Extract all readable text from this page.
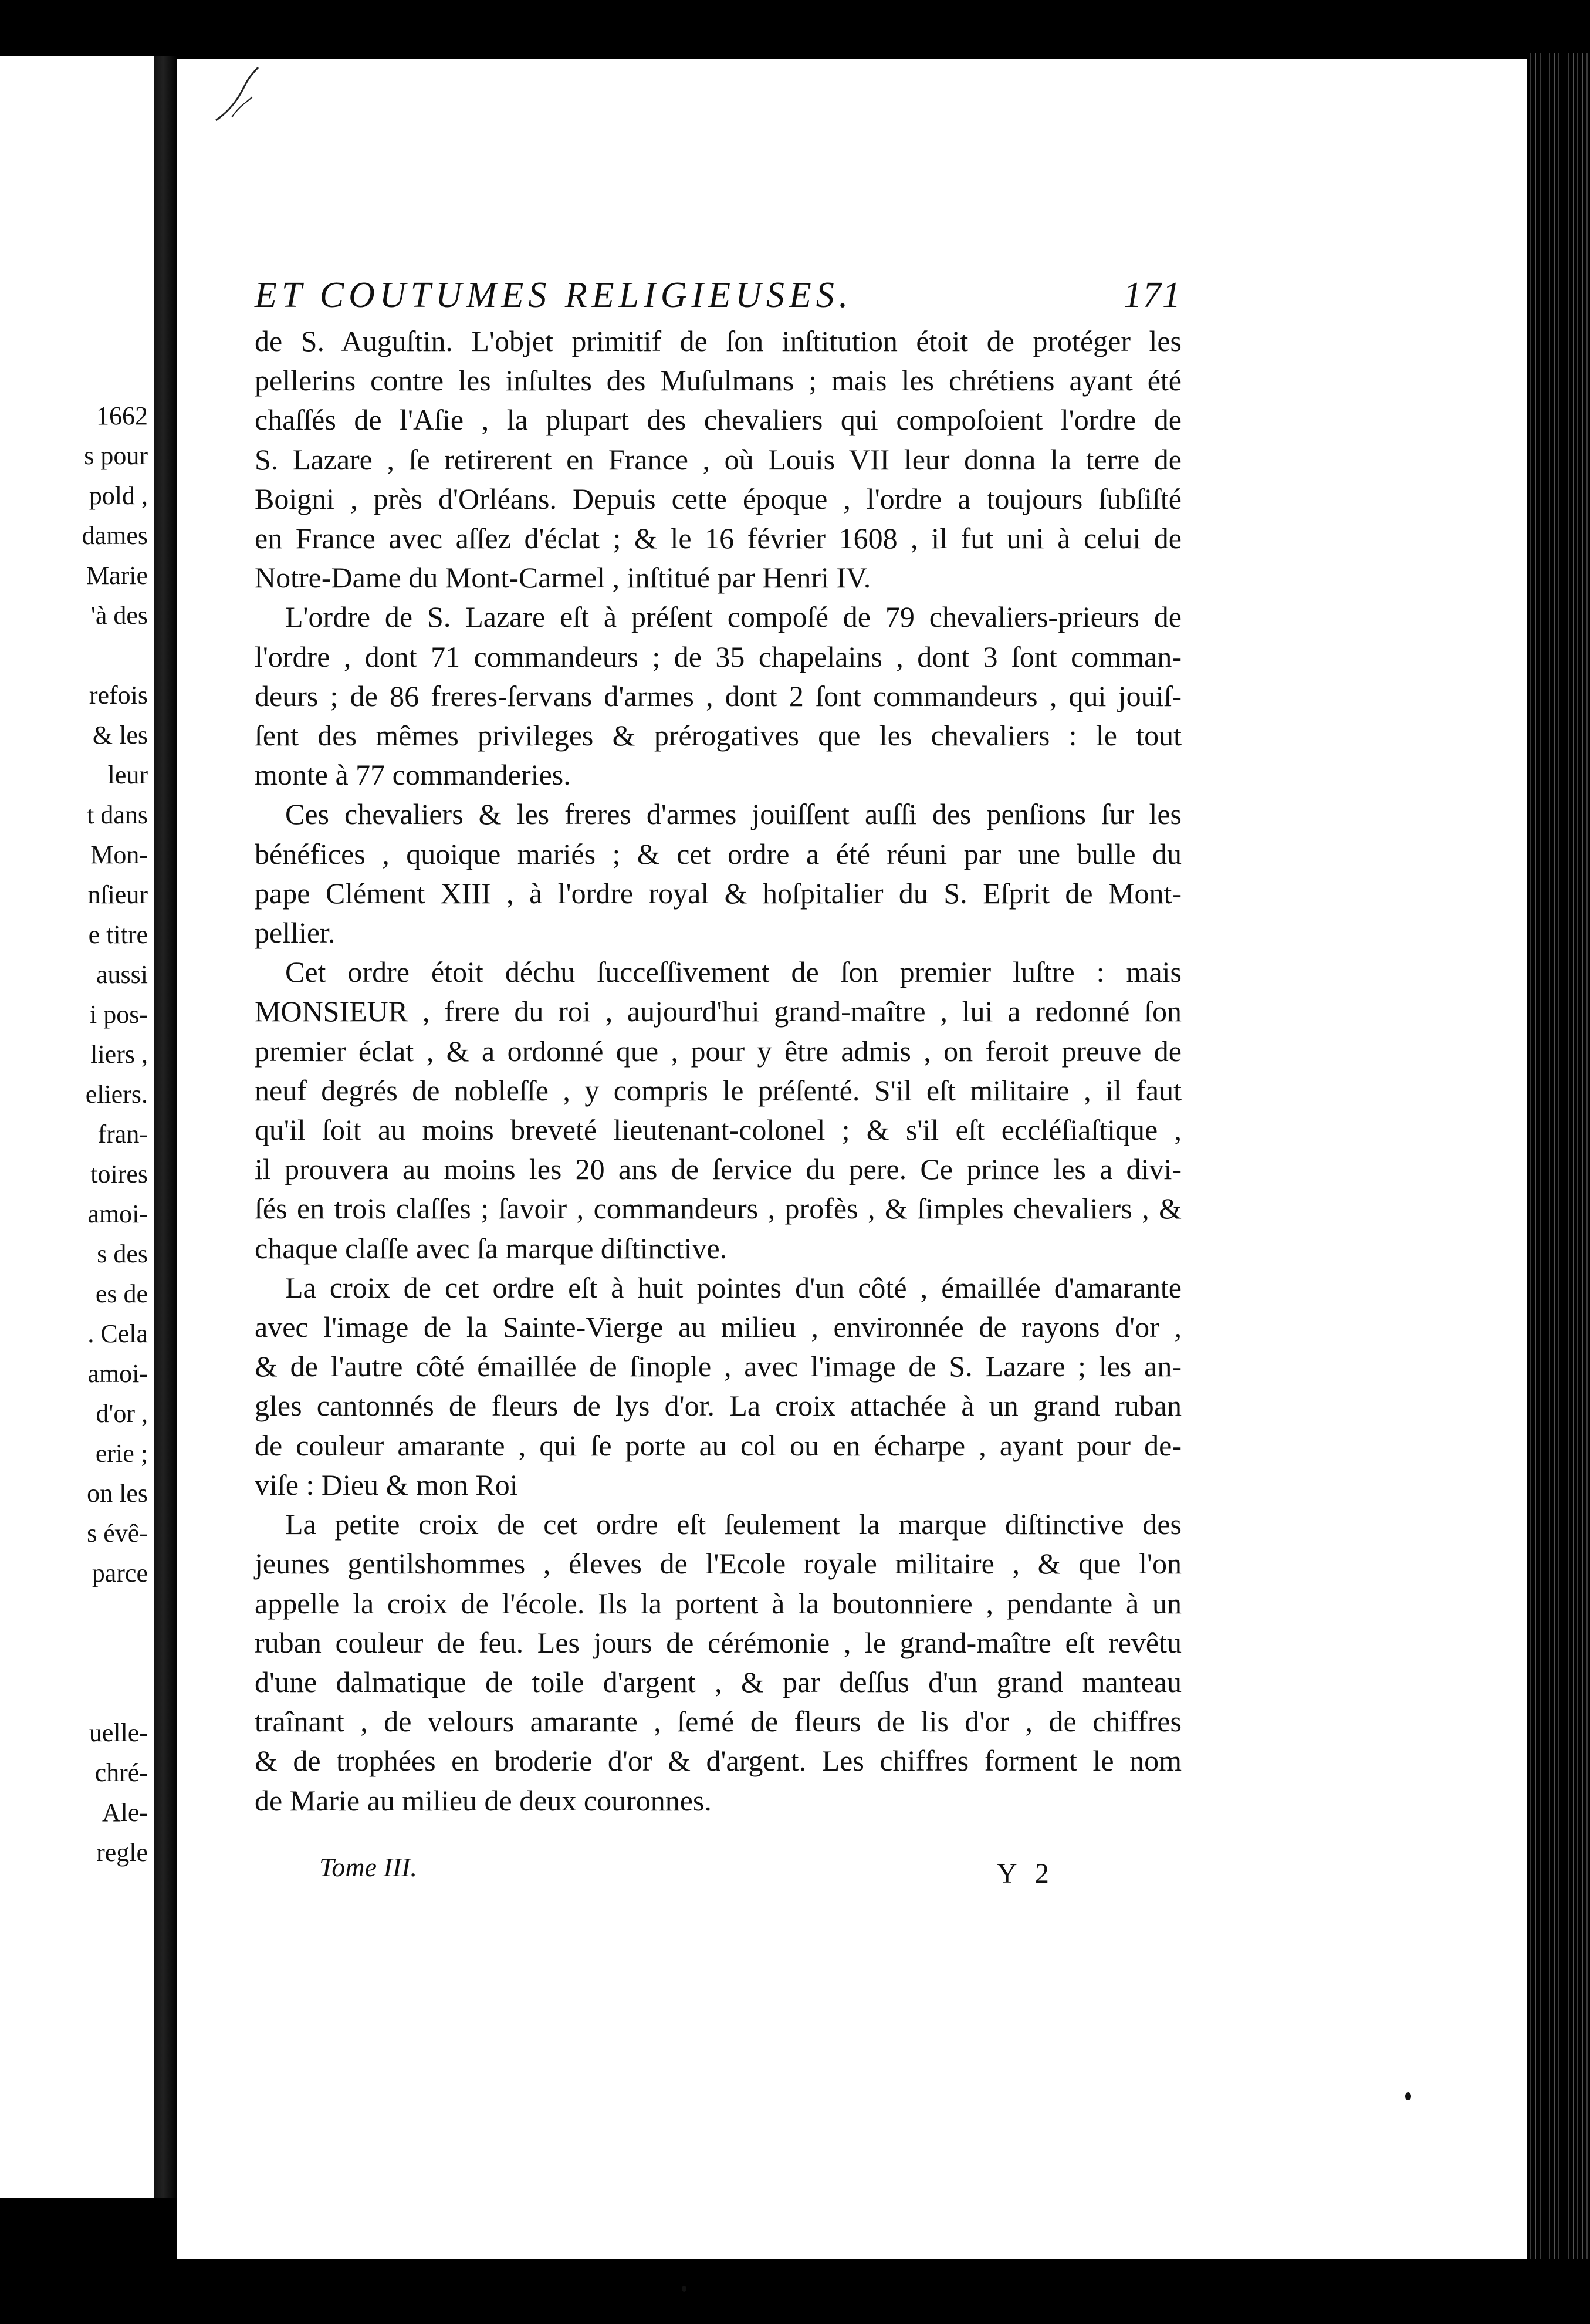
1662
s pour
pold ,
dames
Marie
'à des
refois
& les
leur
t dans
Mon-
nſieur
e titre
aussi
i pos-
liers ,
eliers.
fran-
toires
amoi-
s des
es de
. Cela
amoi-
d'or ,
erie ;
on les
s évê-
parce
uelle-
chré-
Ale-
regle
ET COUTUMES RELIGIEUSES.	171
de S. Auguſtin. L'objet primitif de ſon inſtitution étoit de protéger les
pellerins contre les inſultes des Muſulmans ; mais les chrétiens ayant été
chaſſés de l'Aſie , la plupart des chevaliers qui compoſoient l'ordre de
S. Lazare , ſe retirerent en France , où Louis VII leur donna la terre de
Boigni , près d'Orléans. Depuis cette époque , l'ordre a toujours ſubſiſté
en France avec aſſez d'éclat ; & le 16 février 1608 , il fut uni à celui de
Notre-Dame du Mont-Carmel , inſtitué par Henri IV.
L'ordre de S. Lazare eſt à préſent compoſé de 79 chevaliers-prieurs de
l'ordre , dont 71 commandeurs ; de 35 chapelains , dont 3 ſont comman-
deurs ; de 86 freres-ſervans d'armes , dont 2 ſont commandeurs , qui jouiſ-
ſent des mêmes privileges & prérogatives que les chevaliers : le tout
monte à 77 commanderies.
Ces chevaliers & les freres d'armes jouiſſent auſſi des penſions ſur les
bénéfices , quoique mariés ; & cet ordre a été réuni par une bulle du
pape Clément XIII , à l'ordre royal & hoſpitalier du S. Eſprit de Mont-
pellier.
Cet ordre étoit déchu ſucceſſivement de ſon premier luſtre : mais
MONSIEUR , frere du roi , aujourd'hui grand-maître , lui a redonné ſon
premier éclat , & a ordonné que , pour y être admis , on feroit preuve de
neuf degrés de nobleſſe , y compris le préſenté. S'il eſt militaire , il faut
qu'il ſoit au moins breveté lieutenant-colonel ; & s'il eſt eccléſiaſtique ,
il prouvera au moins les 20 ans de ſervice du pere. Ce prince les a divi-
ſés en trois claſſes ; ſavoir , commandeurs , profès , & ſimples chevaliers , &
chaque claſſe avec ſa marque diſtinctive.
La croix de cet ordre eſt à huit pointes d'un côté , émaillée d'amarante
avec l'image de la Sainte-Vierge au milieu , environnée de rayons d'or ,
& de l'autre côté émaillée de ſinople , avec l'image de S. Lazare ; les an-
gles cantonnés de fleurs de lys d'or. La croix attachée à un grand ruban
de couleur amarante , qui ſe porte au col ou en écharpe , ayant pour de-
viſe : Dieu & mon Roi
La petite croix de cet ordre eſt ſeulement la marque diſtinctive des
jeunes gentilshommes , éleves de l'Ecole royale militaire , & que l'on
appelle la croix de l'école. Ils la portent à la boutonniere , pendante à un
ruban couleur de feu. Les jours de cérémonie , le grand-maître eſt revêtu
d'une dalmatique de toile d'argent , & par deſſus d'un grand manteau
traînant , de velours amarante , ſemé de fleurs de lis d'or , de chiffres
& de trophées en broderie d'or & d'argent. Les chiffres forment le nom
de Marie au milieu de deux couronnes.
Tome III.	Y 2
